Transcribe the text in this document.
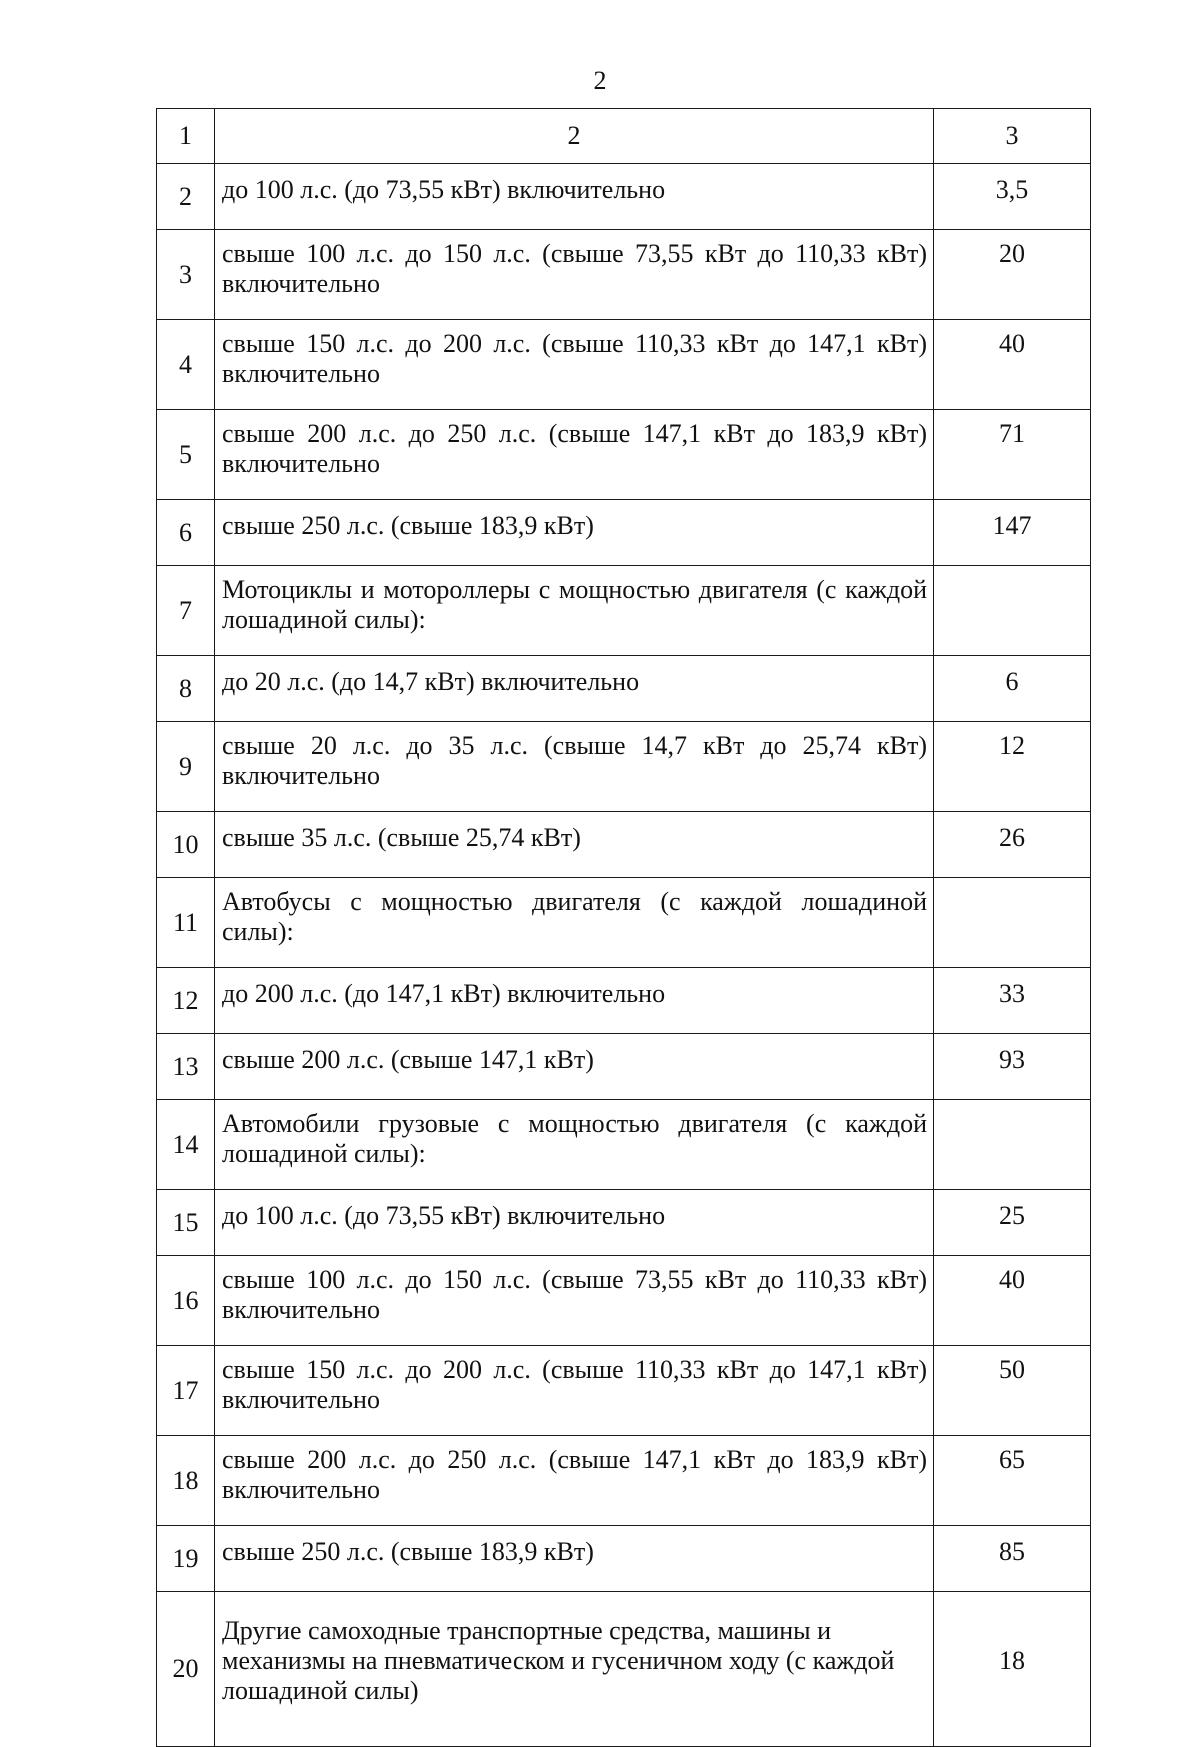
2
1	2	3
2	до 100 л.с. (до 73,55 кВт) включительно	3,5
3	свыше 100 л.с. до 150 л.с. (свыше 73,55 кВт до 110,33 кВт) включительно	20
4	свыше 150 л.с. до 200 л.с. (свыше 110,33 кВт до 147,1 кВт) включительно	40
5	свыше 200 л.с. до 250 л.с. (свыше 147,1 кВт до 183,9 кВт) включительно	71
6	свыше 250 л.с. (свыше 183,9 кВт)	147
7	Мотоциклы и мотороллеры с мощностью двигателя (с каждой лошадиной силы):	
8	до 20 л.с. (до 14,7 кВт) включительно	6
9	свыше 20 л.с. до 35 л.с. (свыше 14,7 кВт до 25,74 кВт) включительно	12
10	свыше 35 л.с. (свыше 25,74 кВт)	26
11	Автобусы с мощностью двигателя (с каждой лошадиной силы):	
12	до 200 л.с. (до 147,1 кВт) включительно	33
13	свыше 200 л.с. (свыше 147,1 кВт)	93
14	Автомобили грузовые с мощностью двигателя (с каждой лошадиной силы):	
15	до 100 л.с. (до 73,55 кВт) включительно	25
16	свыше 100 л.с. до 150 л.с. (свыше 73,55 кВт до 110,33 кВт) включительно	40
17	свыше 150 л.с. до 200 л.с. (свыше 110,33 кВт до 147,1 кВт) включительно	50
18	свыше 200 л.с. до 250 л.с. (свыше 147,1 кВт до 183,9 кВт) включительно	65
19	свыше 250 л.с. (свыше 183,9 кВт)	85
20	Другие самоходные транспортные средства, машины и механизмы на пневматическом и гусеничном ходу (с каждой лошадиной силы)	18
